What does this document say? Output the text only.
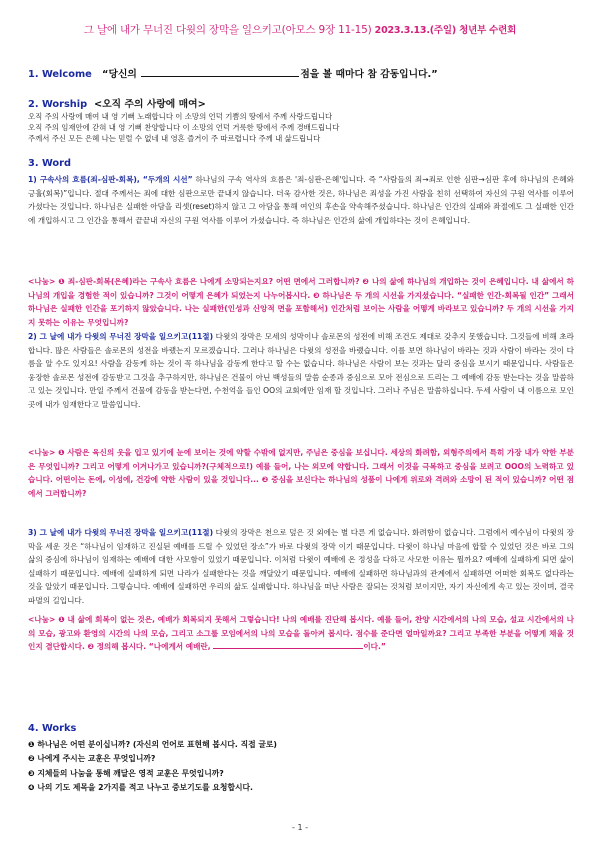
그 날에 내가 무너진 다윗의 장막을 일으키고(아모스 9장 11-15) 2023.3.13.(주일) 청년부 수련회
1. Welcome “당신의	점을 볼 때마다 참 감동입니다.”
2. Worship <오직 주의 사랑에 매여>
오직 주의 사랑에 매여 내 영 기뻐 노래합니다 이 소망의 언덕 기쁨의 땅에서 주께 사랑드립니다
오직 주의 임재안에 갇혀 내 영 기뻐 찬양합니다 이 소망의 언덕 거룩한 땅에서 주께 경배드립니다
주께서 주신 모든 은혜 나는 믿럴 수 없네 내 영혼 즐거이 주 따르렵니다 주께 내 삶드립니다
3. Word
1) 구속사의 흐름(죄-심판-회복), “두개의 시선” 하나님의 구속 역사의 흐름은 '죄-심판-은혜'입니다. 즉 “사람들의 죄→죄로 인한 심판→심판 후에 하나님의 은혜와 긍휼(회복)”입니다. 절대 주께서는 죄에 대한 심판으로만 끝내지 않습니다. 더욱 감사한 것은, 하나님은 죄성을 가진 사람을 친히 선택하여 자신의 구원 역사를 이루어 가셨다는 것입니다. 하나님은 실패한 아담을 리셋(reset)하지 않고 그 아담을 통해 여인의 후손을 약속해주셨습니다. 하나님은 인간의 실패와 좌절에도 그 실패한 인간에 개입하시고 그 인간을 통해서 끝끝내 자신의 구원 역사를 이루어 가셨습니다. 즉 하나님은 인간의 삶에 개입하다는 것이 은혜입니다.
<나눔> ❶ 죄-심판-회복(은혜)라는 구속사 흐름은 나에게 소망되는지요? 어떤 면에서 그러합니까? ❷ 나의 삶에 하나님의 개입하는 것이 은혜입니다. 내 삶에서 하나님의 개입을 경험한 적이 있습니까? 그것이 어떻게 은혜가 되었는지 나누어봅시다. ❸ 하나님은 두 개의 시선을 가지셨습니다. “실패한 인간-회복될 인간” 그래서 하나님은 실패한 인간을 포기하지 않았습니다. 나는 실패한(인성과 신앙적 면을 포함해서) 인간처럼 보이는 사람을 어떻게 바라보고 있습니까? 두 개의 시선을 가지지 못하는 이유는 무엇입니까?
2) 그 날에 내가 다윗의 무너진 장막을 일으키고(11절) 다윗의 장막은 모세의 성막이나 솔로몬의 성전에 비해 조건도 제대로 갖추지 못했습니다. 그것들에 비해 초라합니다. 많은 사람들은 솔로몬의 성전을 바랬는지 모르겠습니다. 그러나 하나님은 다윗의 성전을 바랬습니다. 이를 보면 하나님이 바라는 것과 사람이 바라는 것이 다름을 알 수도 있지요! 사람을 감동케 하는 것이 꼭 하나님을 감동케 한다고 할 수는 없습니다. 하나님은 사람이 보는 것과는 달리 중심을 보시기 때문입니다. 사람들은 웅장한 솔로몬 성전에 감동받고 그것을 추구하지만, 하나님은 건물이 아닌 백성들의 말씀 순종과 중심으로 모아 전심으로 드리는 그 예배에 감동 받는다는 것을 말씀하고 있는 것입니다. 만일 주께서 건물에 감동을 받는다면, 수천억을 들인 OO의 교회에만 임재 할 것입니다. 그러나 주님은 말씀하십니다. 두세 사람이 내 이름으로 모인 곳에 내가 임재한다고 말씀입니다.
<나눔> ❶ 사람은 육신의 옷을 입고 있기에 눈에 보이는 것에 약할 수밖에 없지만, 주님은 중심을 보십니다. 세상의 화려함, 외형주의에서 특히 가장 내가 약한 부분은 무엇입니까? 그리고 어떻게 이겨나가고 있습니까?(구체적으로!) 예를 들어, 나는 외모에 약합니다. 그래서 이것을 극복하고 중심을 보려고 OOO의 노력하고 있습니다. 어떤이는 돈에, 이성에, 건강에 약한 사람이 있을 것입니다... ❷ 중심을 보신다는 하나님의 성품이 나에게 위로와 격려와 소망이 된 적이 있습니까? 어떤 점에서 그러합니까?
3) 그 날에 내가 다윗의 무너진 장막을 일으키고(11절) 다윗의 장막은 천으로 덮은 것 외에는 별 다른 게 없습니다. 화려함이 없습니다. 그럼에서 예수님이 다윗의 장막을 세운 것은 “하나님이 임재하고 진실된 예배를 드릴 수 있었던 장소”가 바로 다윗의 장막 이기 때문입니다. 다윗이 하나님 마음에 합할 수 있었던 것은 바로 그의 삶의 중심에 하나님이 임재하는 예배에 대한 사모함이 있었기 때문입니다. 이처럼 다윗이 예배에 온 정성을 다하고 사모한 이유는 뭘까요? 예배에 실패하게 되면 삶이 실패하기 때문입니다. 예배에 실패하게 되면 나라가 실패한다는 것을 깨달았기 때문입니다. 예배에 실패하면 하나님과의 관계에서 실패하면 어떠한 회복도 없다라는 것을 알았기 때문입니다. 그렇습니다. 예배에 실패하면 우리의 삶도 실패합니다. 하나님을 떠난 사람은 잘되는 것처럼 보이지만, 자기 자신에게 속고 있는 것이며, 결국 파멸의 길입니다.
<나눔> ❶ 내 삶에 회복이 없는 것은, 예배가 회복되지 못해서 그렇습니다! 나의 예배를 진단해 봅시다. 예를 들어, 찬양 시간에서의 나의 모습, 설교 시간에서의 나의 모습, 광고와 환영의 시간의 나의 모습, 그리고 소그룹 모임에서의 나의 모습을 돌아켜 봅시다. 점수를 준다면 얼마일까요? 그리고 부족한 부분을 어떻게 채울 것인지 결단합시다. ❷ 정의해 봅시다. “나에게서 예배란,	이다.”
4. Works
❶ 하나님은 어떤 분이십니까? (자신의 언어로 표현해 봅시다. 직접 글로)
❷ 나에게 주시는 교훈은 무엇입니까?
❸ 지체들의 나눔을 통해 깨달은 영적 교훈은 무엇입니까?
❹ 나의 기도 제목을 2가지를 적고 나누고 중보기도를 요청합시다.
- 1 -
